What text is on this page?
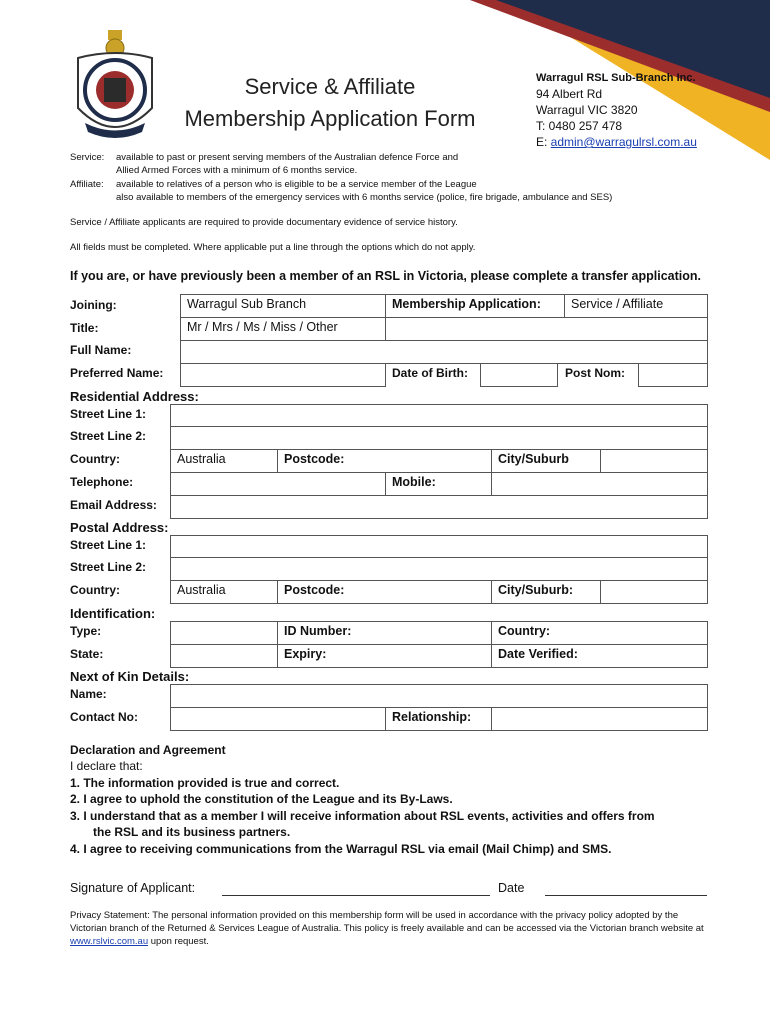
Service & Affiliate
Membership Application Form
Warragul RSL Sub-Branch Inc.
94 Albert Rd
Warragul VIC 3820
T: 0480 257 478
E: admin@warragulrsl.com.au
Service: available to past or present serving members of the Australian defence Force and
Allied Armed Forces with a minimum of 6 months service.
Affiliate: available to relatives of a person who is eligible to be a service member of the League
also available to members of the emergency services with 6 months service (police, fire brigade, ambulance and SES)
Service / Affiliate applicants are required to provide documentary evidence of service history.
All fields must be completed. Where applicable put a line through the options which do not apply.
If you are, or have previously been a member of an RSL in Victoria, please complete a transfer application.
Joining:	Warragul Sub Branch	Membership Application:	Service / Affiliate
Title:	Mr / Mrs / Ms / Miss / Other
Full Name:
Preferred Name:	Date of Birth:	Post Nom:
Residential Address:
Street Line 1:
Street Line 2:
Country:	Australia	Postcode:	City/Suburb
Telephone:	Mobile:
Email Address:
Postal Address:
Street Line 1:
Street Line 2:
Country:	Australia	Postcode:	City/Suburb:
Identification:
Type:	ID Number:	Country:
State:	Expiry:	Date Verified:
Next of Kin Details:
Name:
Contact No:	Relationship:
Declaration and Agreement
I declare that:
1. The information provided is true and correct.
2. I agree to uphold the constitution of the League and its By-Laws.
3. I understand that as a member I will receive information about RSL events, activities and offers from
the RSL and its business partners.
4. I agree to receiving communications from the Warragul RSL via email (Mail Chimp) and SMS.
Signature of Applicant:	Date
Privacy Statement: The personal information provided on this membership form will be used in accordance with the privacy policy adopted by the Victorian branch of the Returned & Services League of Australia. This policy is freely available and can be accessed via the Victorian branch website at www.rslvic.com.au upon request.
